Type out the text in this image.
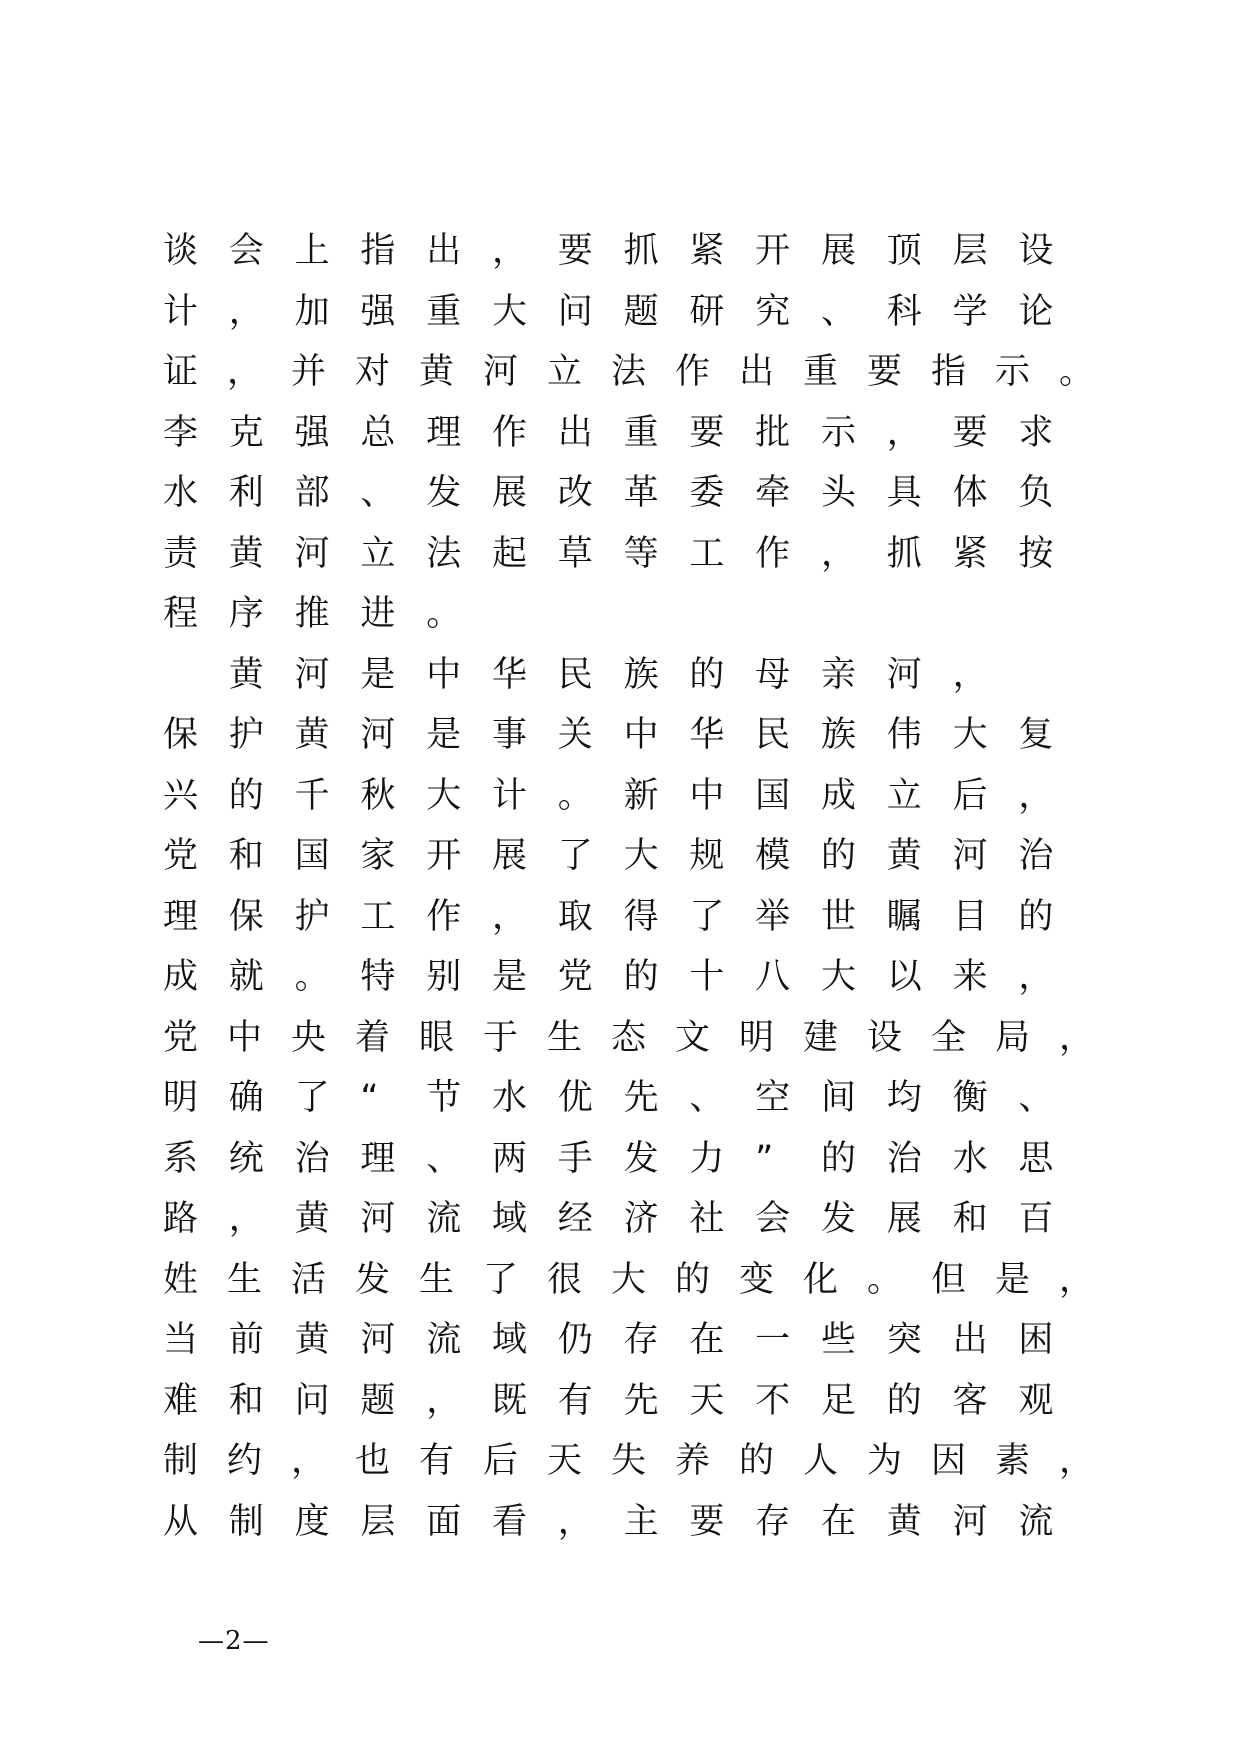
谈 会 上 指 出 ， 要 抓 紧 开 展 顶 层 设
计 ， 加 强 重 大 问 题 研 究 、 科 学 论
证 ， 并 对 黄 河 立 法 作 出 重 要 指 示 。
李 克 强 总 理 作 出 重 要 批 示 ， 要 求
水 利 部 、 发 展 改 革 委 牵 头 具 体 负
责 黄 河 立 法 起 草 等 工 作 ， 抓 紧 按
程 序 推 进 。
黄 河 是 中 华 民 族 的 母 亲 河 ，
保 护 黄 河 是 事 关 中 华 民 族 伟 大 复
兴 的 千 秋 大 计 。 新 中 国 成 立 后 ，
党 和 国 家 开 展 了 大 规 模 的 黄 河 治
理 保 护 工 作 ， 取 得 了 举 世 瞩 目 的
成 就 。 特 别 是 党 的 十 八 大 以 来 ，
党 中 央 着 眼 于 生 态 文 明 建 设 全 局 ，
明 确 了 “	节 水 优 先 、 空 间 均 衡 、
系 统 治 理 、 两 手 发 力 ”	的 治 水 思
路 ， 黄 河 流 域 经 济 社 会 发 展 和 百
姓 生 活 发 生 了 很 大 的 变 化 。 但 是 ，
当 前 黄 河 流 域 仍 存 在 一 些 突 出 困
难 和 问 题 ， 既 有 先 天 不 足 的 客 观
制 约 ， 也 有 后 天 失 养 的 人 为 因 素 ，
从 制 度 层 面 看 ， 主 要 存 在 黄 河 流
—2—
